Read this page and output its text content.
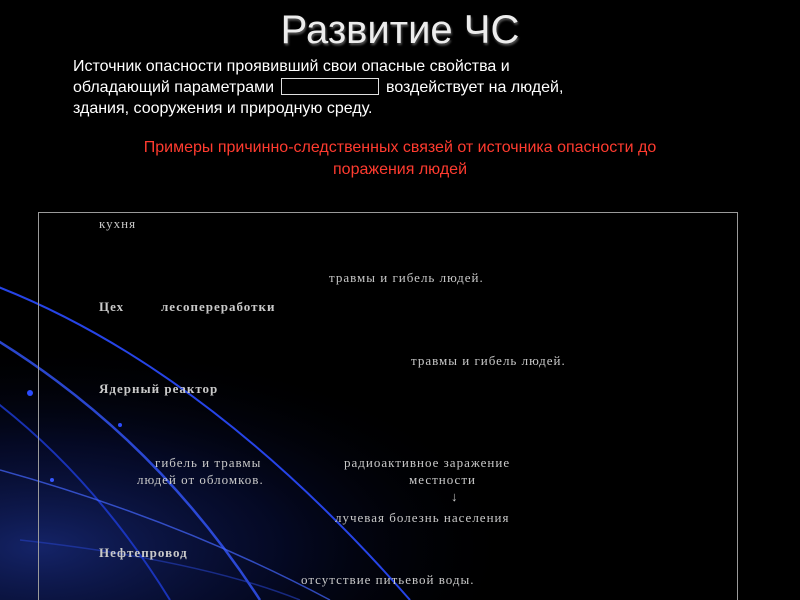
Развитие ЧС
Источник опасности проявивший свои опасные свойства и
обладающий параметрами	воздействует на людей,
здания, сооружения и природную среду.
Примеры причинно-следственных связей от источника опасности до
поражения людей
кухня
травмы и гибель людей.
Цех	лесопереработки
травмы и гибель людей.
Ядерный реактор
гибель и травмы
людей от обломков.
радиоактивное заражение
местности
↓
лучевая болезнь населения
Нефтепровод
отсутствие питьевой воды.
